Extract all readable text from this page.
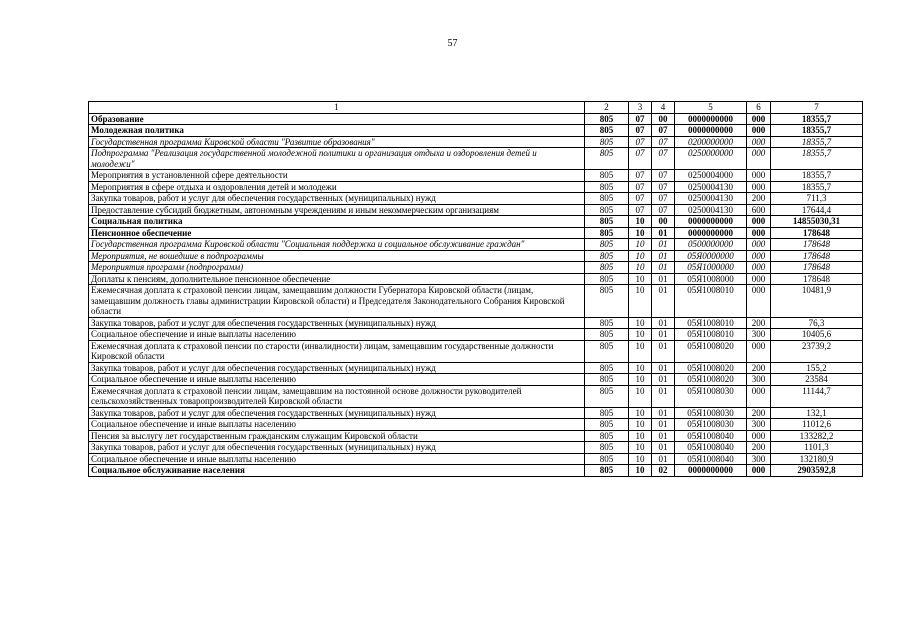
57
1	2	3	4	5	6	7
Образование	805	07	00	0000000000	000	18355,7
Молодежная политика	805	07	07	0000000000	000	18355,7
Государственная программа Кировской области "Развитие образования"	805	07	07	0200000000	000	18355,7
Подпрограмма "Реализация государственной молодежной политики и организация отдыха и оздоровления детей и молодежи"	805	07	07	0250000000	000	18355,7
Мероприятия в установленной сфере деятельности	805	07	07	0250004000	000	18355,7
Мероприятия в сфере отдыха и оздоровления детей и молодежи	805	07	07	0250004130	000	18355,7
Закупка товаров, работ и услуг для обеспечения государственных (муниципальных) нужд	805	07	07	0250004130	200	711,3
Предоставление субсидий бюджетным, автономным учреждениям и иным некоммерческим организациям	805	07	07	0250004130	600	17644,4
Социальная политика	805	10	00	0000000000	000	14855030,31
Пенсионное обеспечение	805	10	01	0000000000	000	178648
Государственная программа Кировской области "Социальная поддержка и социальное обслуживание граждан"	805	10	01	0500000000	000	178648
Мероприятия, не вошедшие в подпрограммы	805	10	01	05Я0000000	000	178648
Мероприятия программ (подпрограмм)	805	10	01	05Я1000000	000	178648
Доплаты к пенсиям, дополнительное пенсионное обеспечение	805	10	01	05Я1008000	000	178648
Ежемесячная доплата к страховой пенсии лицам, замещавшим должности Губернатора Кировской области (лицам, замещавшим должность главы администрации Кировской области) и Председателя Законодательного Собрания Кировской области	805	10	01	05Я1008010	000	10481,9
Закупка товаров, работ и услуг для обеспечения государственных (муниципальных) нужд	805	10	01	05Я1008010	200	76,3
Социальное обеспечение и иные выплаты населению	805	10	01	05Я1008010	300	10405,6
Ежемесячная доплата к страховой пенсии по старости (инвалидности) лицам, замещавшим государственные должности Кировской области	805	10	01	05Я1008020	000	23739,2
Закупка товаров, работ и услуг для обеспечения государственных (муниципальных) нужд	805	10	01	05Я1008020	200	155,2
Социальное обеспечение и иные выплаты населению	805	10	01	05Я1008020	300	23584
Ежемесячная доплата к страховой пенсии лицам, замещавшим на постоянной основе должности руководителей сельскохозяйственных товаропроизводителей Кировской области	805	10	01	05Я1008030	000	11144,7
Закупка товаров, работ и услуг для обеспечения государственных (муниципальных) нужд	805	10	01	05Я1008030	200	132,1
Социальное обеспечение и иные выплаты населению	805	10	01	05Я1008030	300	11012,6
Пенсия за выслугу лет государственным гражданским служащим Кировской области	805	10	01	05Я1008040	000	133282,2
Закупка товаров, работ и услуг для обеспечения государственных (муниципальных) нужд	805	10	01	05Я1008040	200	1101,3
Социальное обеспечение и иные выплаты населению	805	10	01	05Я1008040	300	132180,9
Социальное обслуживание населения	805	10	02	0000000000	000	2903592,8
